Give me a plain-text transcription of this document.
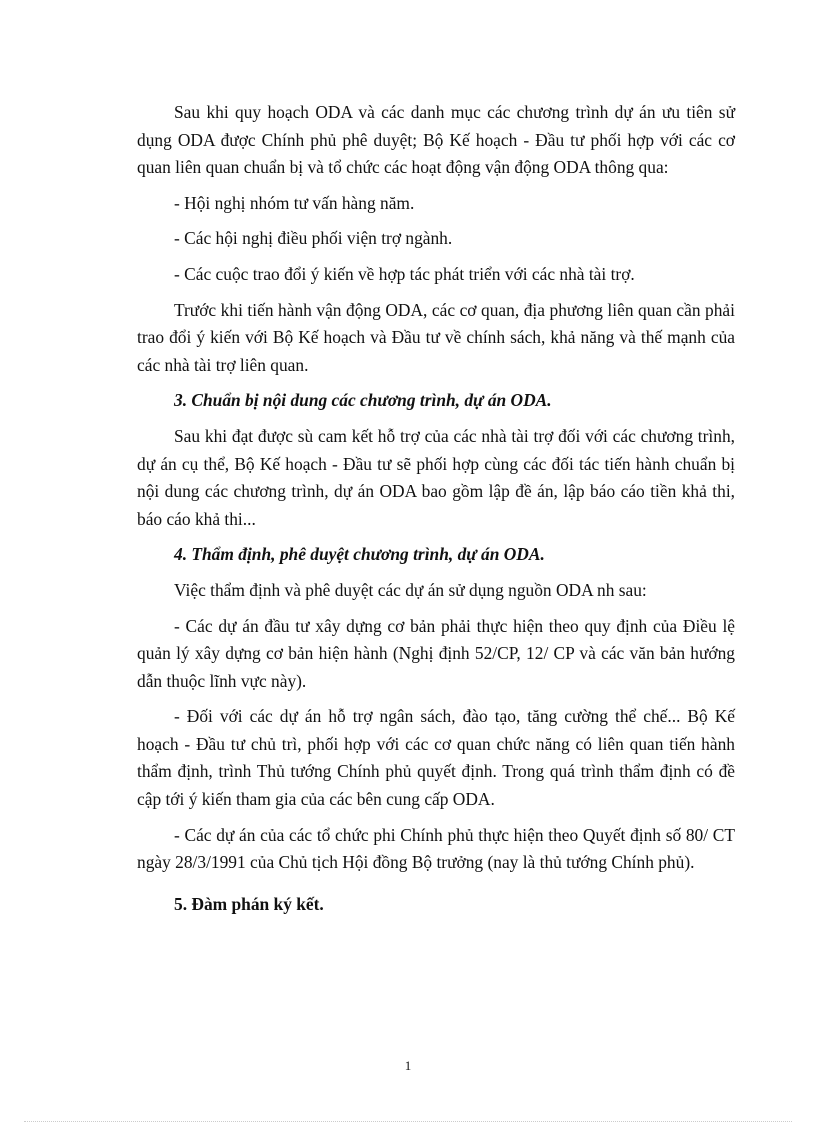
Sau khi quy hoạch ODA và các danh mục các chương trình dự án ưu tiên sử dụng ODA được Chính phủ phê duyệt; Bộ Kế hoạch - Đầu tư phối hợp với các cơ quan liên quan chuẩn bị và tổ chức các hoạt động vận động ODA thông qua:

- Hội nghị nhóm tư vấn hàng năm.

- Các hội nghị điều phối viện trợ ngành.

- Các cuộc trao đổi ý kiến về hợp tác phát triển với các nhà tài trợ.

Trước khi tiến hành vận động ODA, các cơ quan, địa phương liên quan cần phải trao đổi ý kiến với Bộ Kế hoạch và Đầu tư về chính sách, khả năng và thế mạnh của các nhà tài trợ liên quan.

3. Chuẩn bị nội dung các chương trình, dự án ODA.

Sau khi đạt được sù cam kết hỗ trợ của các nhà tài trợ đối với các chương trình, dự án cụ thể, Bộ Kế hoạch - Đầu tư sẽ phối hợp cùng các đối tác tiến hành chuẩn bị nội dung các chương trình, dự án ODA bao gồm lập đề án, lập báo cáo tiền khả thi, báo cáo khả thi...

4. Thẩm định, phê duyệt chương trình, dự án ODA.

Việc thẩm định và phê duyệt các dự án sử dụng nguồn ODA nh sau:

- Các dự án đầu tư xây dựng cơ bản phải thực hiện theo quy định của Điều lệ quản lý xây dựng cơ bản hiện hành (Nghị định 52/CP, 12/ CP và các văn bản hướng dẫn thuộc lĩnh vực này).

- Đối với các dự án hỗ trợ ngân sách, đào tạo, tăng cường thể chế... Bộ Kế hoạch - Đầu tư chủ trì, phối hợp với các cơ quan chức năng có liên quan tiến hành thẩm định, trình Thủ tướng Chính phủ quyết định. Trong quá trình thẩm định có đề cập tới ý kiến tham gia của các bên cung cấp ODA.

- Các dự án của các tổ chức phi Chính phủ thực hiện theo Quyết định số 80/ CT ngày 28/3/1991 của Chủ tịch Hội đồng Bộ trưởng (nay là thủ tướng Chính phủ).

5. Đàm phán ký kết.

1
